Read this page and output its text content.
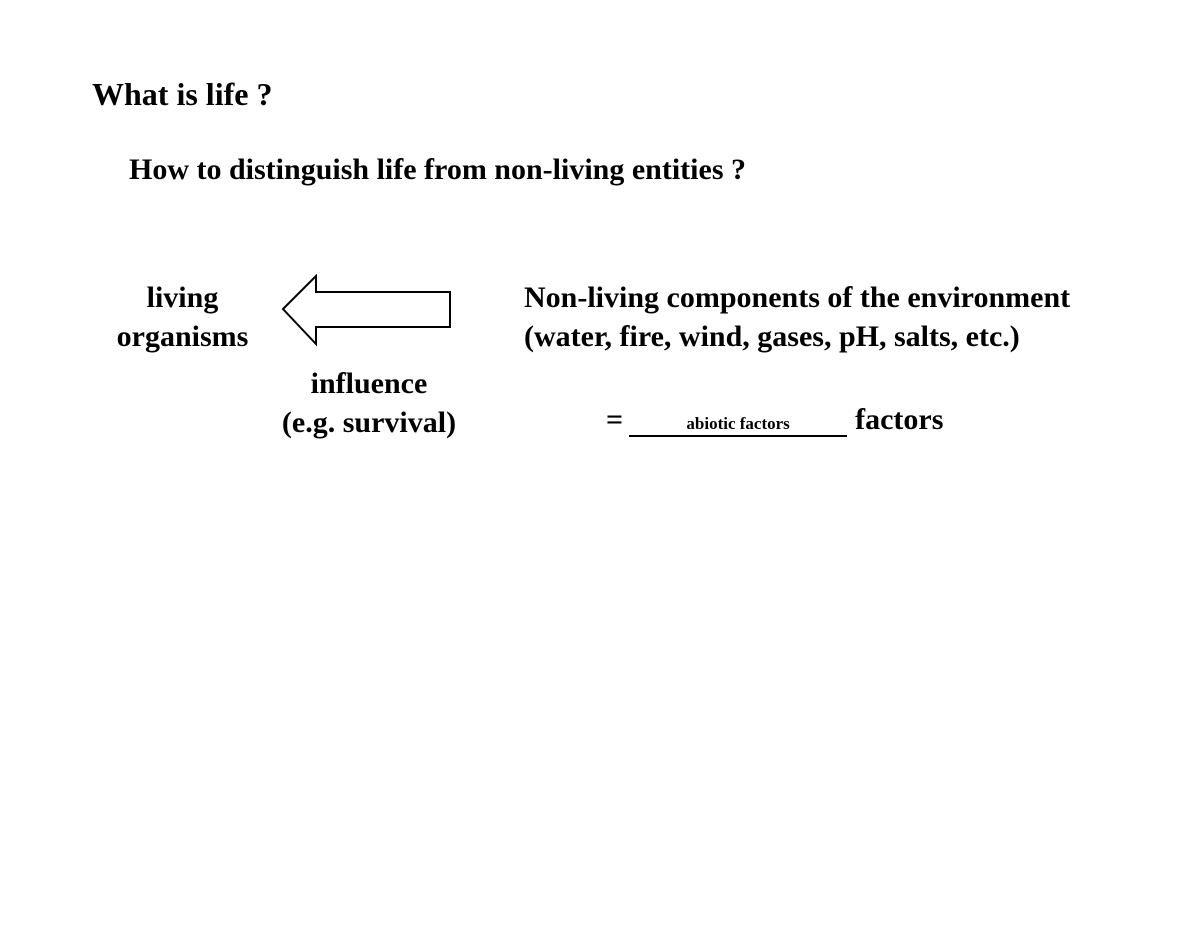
What is life ?
How to distinguish life from non-living entities ?
living
organisms
influence
(e.g. survival)
Non-living components of the environment
(water, fire, wind, gases, pH, salts, etc.)
=	abiotic factors factors
